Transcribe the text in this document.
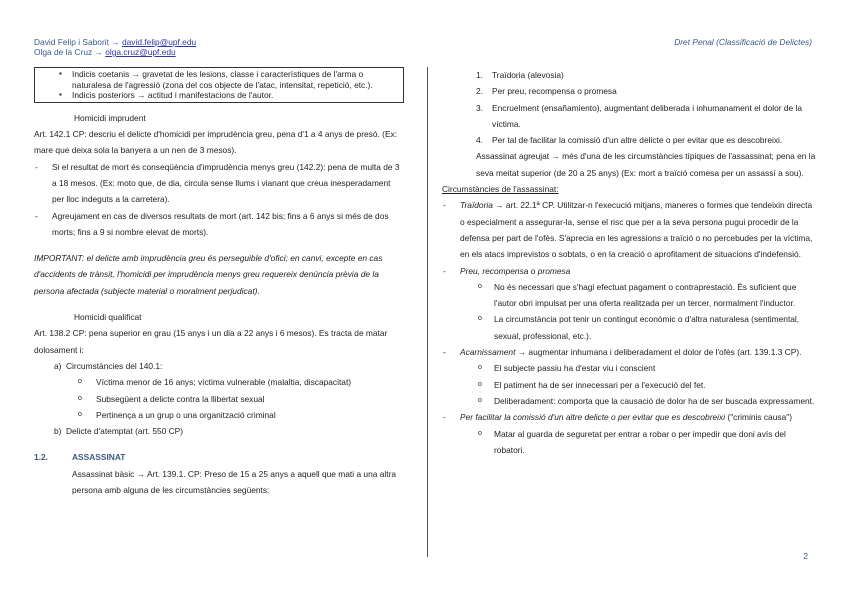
David Felip i Saborit → david.felip@upf.edu
Olga de la Cruz → olga.cruz@upf.edu
Dret Penal (Classificació de Delictes)
▪ Indicis coetanis → gravetat de les lesions, classe i característiques de l'arma o naturalesa de l'agressió (zona del cos objecte de l'atac, intensitat, repetició, etc.).
▪ Indicis posteriors → actitud i manifestacions de l'autor.
Homicidi imprudent
Art. 142.1 CP: descriu el delicte d'homicidi per imprudència greu, pena d'1 a 4 anys de presó. (Ex: mare que deixa sola la banyera a un nen de 3 mesos).
- Si el resultat de mort és conseqüència d'imprudència menys greu (142.2): pena de multa de 3 a 18 mesos. (Ex: moto que, de dia, circula sense llums i vianant que creua inesperadament per lloc indeguts a la carretera).
- Agreujament en cas de diversos resultats de mort (art. 142 bis; fins a 6 anys si més de dos morts; fins a 9 si nombre elevat de morts).
IMPORTANT: el delicte amb imprudència greu és perseguible d'ofici; en canvi, excepte en cas d'accidents de trànsit, l'homicidi per imprudència menys greu requereix denúncia prèvia de la persona afectada (subjecte material o moralment perjudicat).
Homicidi qualificat
Art. 138.2 CP: pena superior en grau (15 anys i un dia a 22 anys i 6 mesos). Es tracta de matar dolosament i:
a) Circumstàncies del 140.1:
o Víctima menor de 16 anys; víctima vulnerable (malaltia, discapacitat)
o Subsegüent a delicte contra la llibertat sexual
o Pertinença a un grup o una organització criminal
b) Delicte d'atemptat (art. 550 CP)
1.2.	ASSASSINAT
Assassinat bàsic → Art. 139.1. CP: Preso de 15 a 25 anys a aquell que mati a una altra persona amb alguna de les circumstàncies següents:
1. Traïdoria (alevosia)
2. Per preu, recompensa o promesa
3. Encruelment (ensañamiento), augmentant deliberada i inhumanament el dolor de la víctima.
4. Per tal de facilitar la comissió d'un altre delicte o per evitar que es descobreixi.
Assassinat agreujat → més d'una de les circumstàncies típiques de l'assassinat; pena en la seva meitat superior (de 20 a 25 anys) (Ex: mort a traïció comesa per un assassí a sou).
Circumstàncies de l'assassinat:
- Traïdoria → art. 22.1ª CP. Utilitzar-n l'execució mitjans, maneres o formes que tendeixin directa o especialment a assegurar-la, sense el risc que per a la seva persona pugui procedir de la defensa per part de l'ofès. S'aprecia en les agressions a traïció o no percebudes per la víctima, en els atacs imprevistos o sobtats, o en la creació o aprofitament de situacions d'indefensió.
- Preu, recompensa o promesa
o No és necessari que s'hagi efectuat pagament o contraprestació. És suficient que l'autor obri impulsat per una oferta realitzada per un tercer, normalment l'inductor.
o La circumstància pot tenir un contingut econòmic o d'altra naturalesa (sentimental, sexual, professional, etc.).
- Acarnissament → augmentar inhumana i deliberadament el dolor de l'ofès (art. 139.1.3 CP).
o El subjecte passiu ha d'estar viu i conscient
o El patiment ha de ser innecessari per a l'execució del fet.
o Deliberadament: comporta que la causació de dolor ha de ser buscada expressament.
- Per facilitar la comissió d'un altre delicte o per evitar que es descobreixi ("criminis causa")
o Matar al guarda de seguretat per entrar a robar o per impedir que doni avís del robatori.
2
